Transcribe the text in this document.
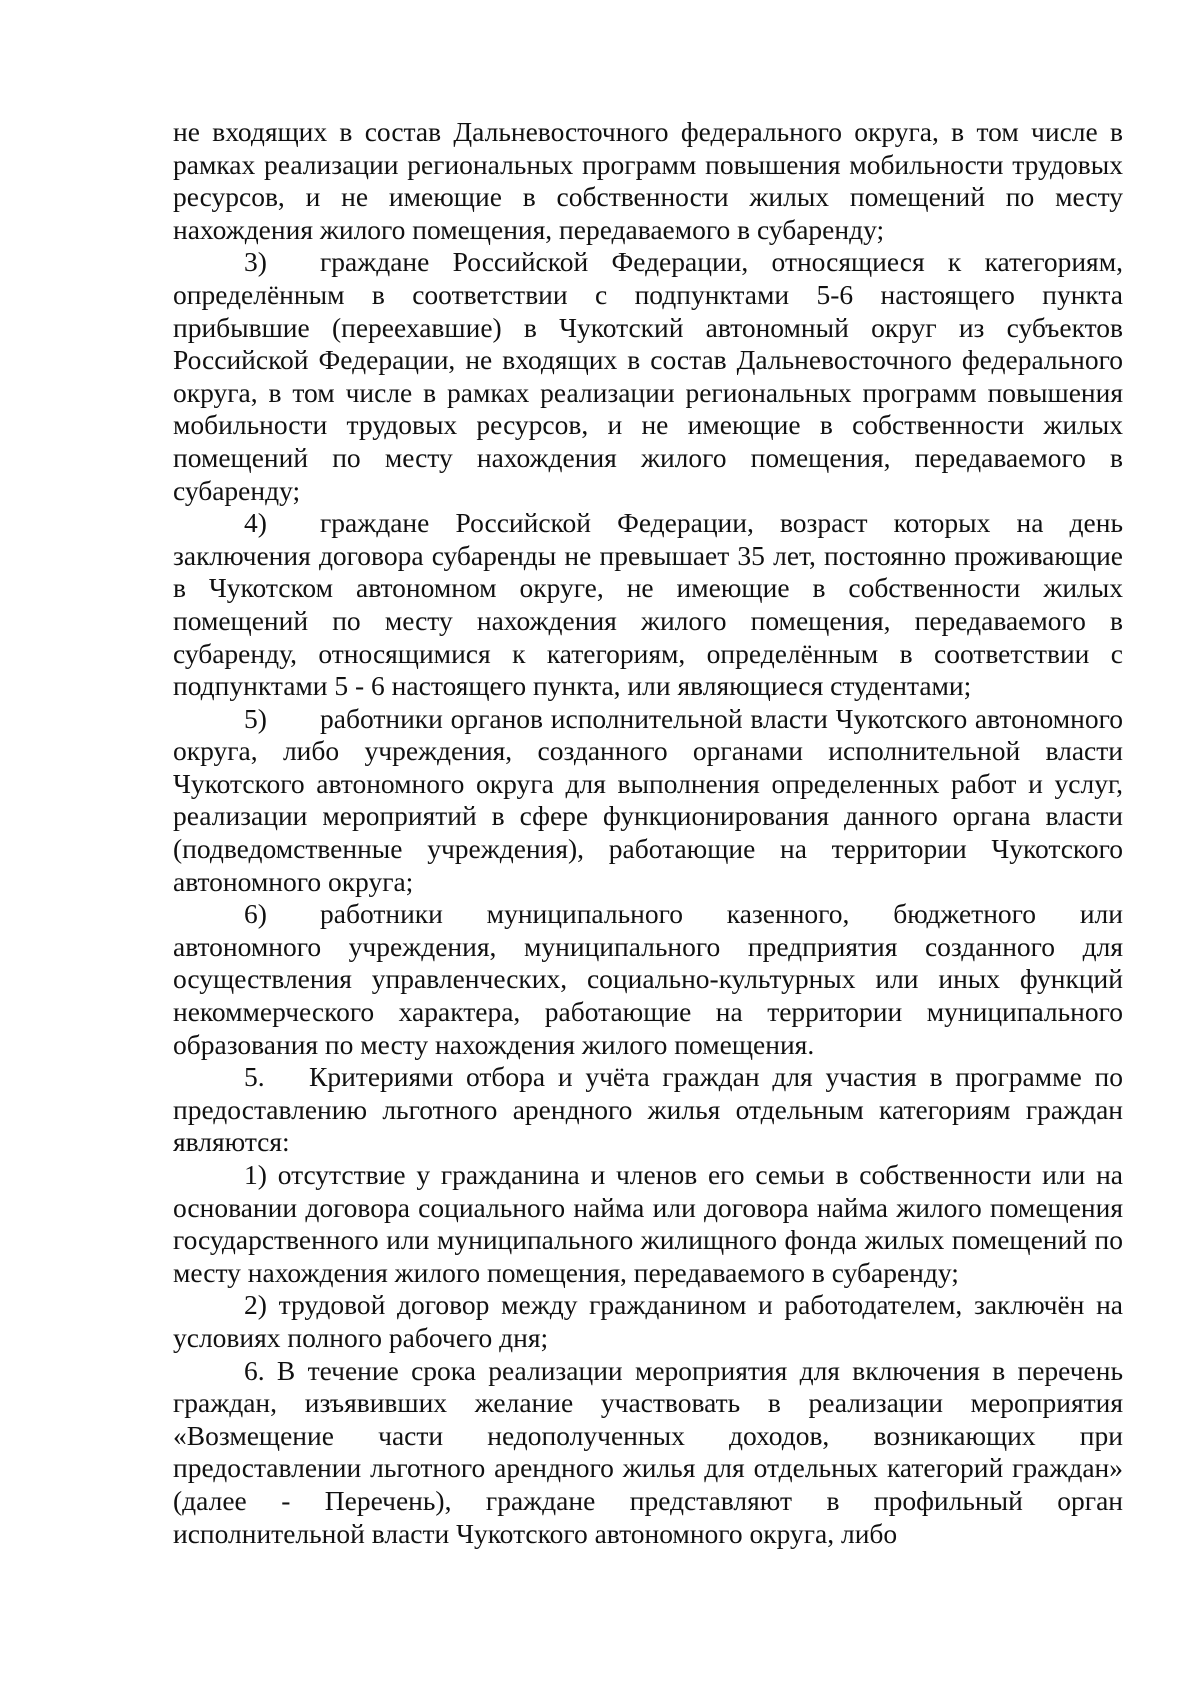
не входящих в состав Дальневосточного федерального округа, в том числе в рамках реализации региональных программ повышения мобильности трудовых ресурсов, и не имеющие в собственности жилых помещений по месту нахождения жилого помещения, передаваемого в субаренду;

3) граждане Российской Федерации, относящиеся к категориям, определённым в соответствии с подпунктами 5-6 настоящего пункта прибывшие (переехавшие) в Чукотский автономный округ из субъектов Российской Федерации, не входящих в состав Дальневосточного федерального округа, в том числе в рамках реализации региональных программ повышения мобильности трудовых ресурсов, и не имеющие в собственности жилых помещений по месту нахождения жилого помещения, передаваемого в субаренду;

4) граждане Российской Федерации, возраст которых на день заключения договора субаренды не превышает 35 лет, постоянно проживающие в Чукотском автономном округе, не имеющие в собственности жилых помещений по месту нахождения жилого помещения, передаваемого в субаренду, относящимися к категориям, определённым в соответствии с подпунктами 5 - 6 настоящего пункта, или являющиеся студентами;

5) работники органов исполнительной власти Чукотского автономного округа, либо учреждения, созданного органами исполнительной власти Чукотского автономного округа для выполнения определенных работ и услуг, реализации мероприятий в сфере функционирования данного органа власти (подведомственные учреждения), работающие на территории Чукотского автономного округа;

6) работники муниципального казенного, бюджетного или автономного учреждения, муниципального предприятия созданного для осуществления управленческих, социально-культурных или иных функций некоммерческого характера, работающие на территории муниципального образования по месту нахождения жилого помещения.

5. Критериями отбора и учёта граждан для участия в программе по предоставлению льготного арендного жилья отдельным категориям граждан являются:

1) отсутствие у гражданина и членов его семьи в собственности или на основании договора социального найма или договора найма жилого помещения государственного или муниципального жилищного фонда жилых помещений по месту нахождения жилого помещения, передаваемого в субаренду;

2) трудовой договор между гражданином и работодателем, заключён на условиях полного рабочего дня;

6. В течение срока реализации мероприятия для включения в перечень граждан, изъявивших желание участвовать в реализации мероприятия «Возмещение части недополученных доходов, возникающих при предоставлении льготного арендного жилья для отдельных категорий граждан» (далее - Перечень), граждане представляют в профильный орган исполнительной власти Чукотского автономного округа, либо
